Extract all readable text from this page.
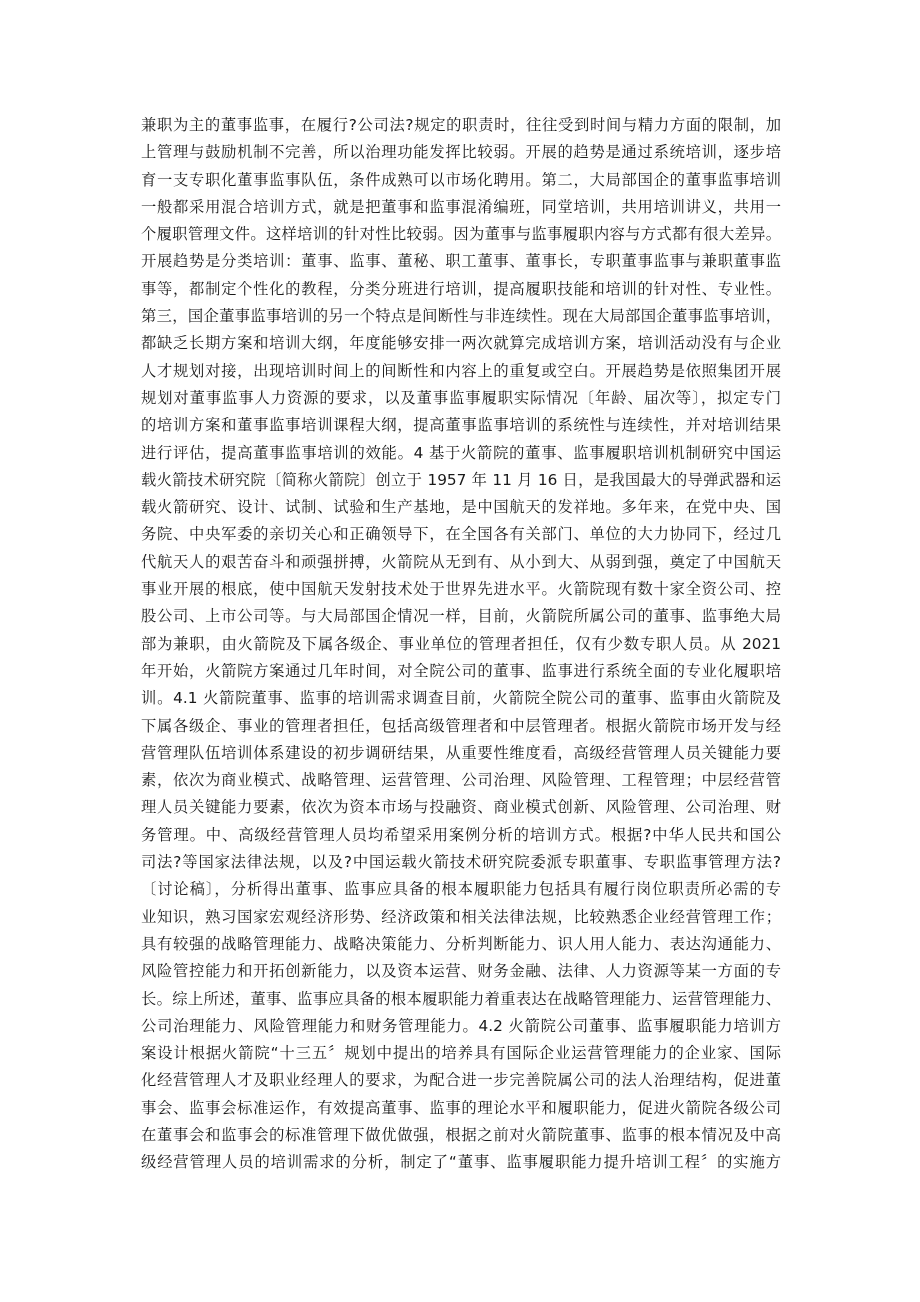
兼职为主的董事监事，在履行?公司法?规定的职责时，往往受到时间与精力方面的限制，加
上管理与鼓励机制不完善，所以治理功能发挥比较弱。开展的趋势是通过系统培训，逐步培
育一支专职化董事监事队伍，条件成熟可以市场化聘用。第二，大局部国企的董事监事培训
一般都采用混合培训方式，就是把董事和监事混淆编班，同堂培训，共用培训讲义，共用一
个履职管理文件。这样培训的针对性比较弱。因为董事与监事履职内容与方式都有很大差异。
开展趋势是分类培训：董事、监事、董秘、职工董事、董事长，专职董事监事与兼职董事监
事等，都制定个性化的教程，分类分班进行培训，提高履职技能和培训的针对性、专业性。
第三，国企董事监事培训的另一个特点是间断性与非连续性。现在大局部国企董事监事培训，
都缺乏长期方案和培训大纲，年度能够安排一两次就算完成培训方案，培训活动没有与企业
人才规划对接，出现培训时间上的间断性和内容上的重复或空白。开展趋势是依照集团开展
规划对董事监事人力资源的要求，以及董事监事履职实际情况〔年龄、届次等〕，拟定专门
的培训方案和董事监事培训课程大纲，提高董事监事培训的系统性与连续性，并对培训结果
进行评估，提高董事监事培训的效能。4 基于火箭院的董事、监事履职培训机制研究中国运
载火箭技术研究院〔简称火箭院〕创立于 1957 年 11 月 16 日，是我国最大的导弹武器和运
载火箭研究、设计、试制、试验和生产基地，是中国航天的发祥地。多年来，在党中央、国
务院、中央军委的亲切关心和正确领导下，在全国各有关部门、单位的大力协同下，经过几
代航天人的艰苦奋斗和顽强拼搏，火箭院从无到有、从小到大、从弱到强，奠定了中国航天
事业开展的根底，使中国航天发射技术处于世界先进水平。火箭院现有数十家全资公司、控
股公司、上市公司等。与大局部国企情况一样，目前，火箭院所属公司的董事、监事绝大局
部为兼职，由火箭院及下属各级企、事业单位的管理者担任，仅有少数专职人员。从 2021
年开始，火箭院方案通过几年时间，对全院公司的董事、监事进行系统全面的专业化履职培
训。4.1 火箭院董事、监事的培训需求调查目前，火箭院全院公司的董事、监事由火箭院及
下属各级企、事业的管理者担任，包括高级管理者和中层管理者。根据火箭院市场开发与经
营管理队伍培训体系建设的初步调研结果，从重要性维度看，高级经营管理人员关键能力要
素，依次为商业模式、战略管理、运营管理、公司治理、风险管理、工程管理；中层经营管
理人员关键能力要素，依次为资本市场与投融资、商业模式创新、风险管理、公司治理、财
务管理。中、高级经营管理人员均希望采用案例分析的培训方式。根据?中华人民共和国公
司法?等国家法律法规，以及?中国运载火箭技术研究院委派专职董事、专职监事管理方法?
〔讨论稿〕，分析得出董事、监事应具备的根本履职能力包括具有履行岗位职责所必需的专
业知识，熟习国家宏观经济形势、经济政策和相关法律法规，比较熟悉企业经营管理工作；
具有较强的战略管理能力、战略决策能力、分析判断能力、识人用人能力、表达沟通能力、
风险管控能力和开拓创新能力，以及资本运营、财务金融、法律、人力资源等某一方面的专
长。综上所述，董事、监事应具备的根本履职能力着重表达在战略管理能力、运营管理能力、
公司治理能力、风险管理能力和财务管理能力。4.2 火箭院公司董事、监事履职能力培训方
案设计根据火箭院“十三五〞规划中提出的培养具有国际企业运营管理能力的企业家、国际
化经营管理人才及职业经理人的要求，为配合进一步完善院属公司的法人治理结构，促进董
事会、监事会标准运作，有效提高董事、监事的理论水平和履职能力，促进火箭院各级公司
在董事会和监事会的标准管理下做优做强，根据之前对火箭院董事、监事的根本情况及中高
级经营管理人员的培训需求的分析，制定了“董事、监事履职能力提升培训工程〞的实施方
